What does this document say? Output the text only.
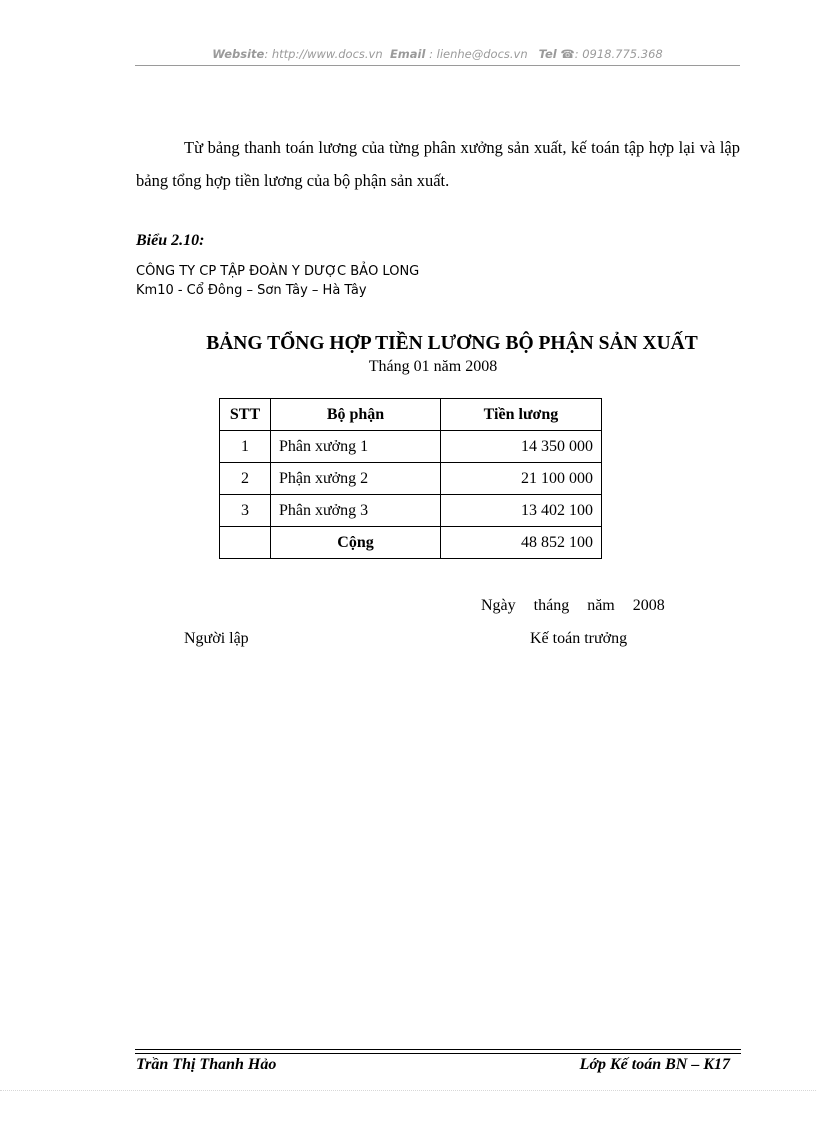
Website: http://www.docs.vn Email : lienhe@docs.vn Tel ☎: 0918.775.368
Từ bảng thanh toán lương của từng phân xưởng sản xuất, kế toán tập hợp lại và lập bảng tổng hợp tiền lương của bộ phận sản xuất.
Biểu 2.10:
CÔNG TY CP TẬP ĐOÀN Y DƯỢC BẢO LONG
Km10 - Cổ Đông – Sơn Tây – Hà Tây
BẢNG TỔNG HỢP TIỀN LƯƠNG BỘ PHẬN SẢN XUẤT
Tháng 01 năm 2008
STT	Bộ phận	Tiền lương
1	Phân xưởng 1	14 350 000
2	Phận xưởng 2	21 100 000
3	Phân xưởng 3	13 402 100
	Cộng	48 852 100
Ngày tháng năm 2008
Người lập	Kế toán trưởng
Trần Thị Thanh Hảo	Lớp Kế toán BN – K17
